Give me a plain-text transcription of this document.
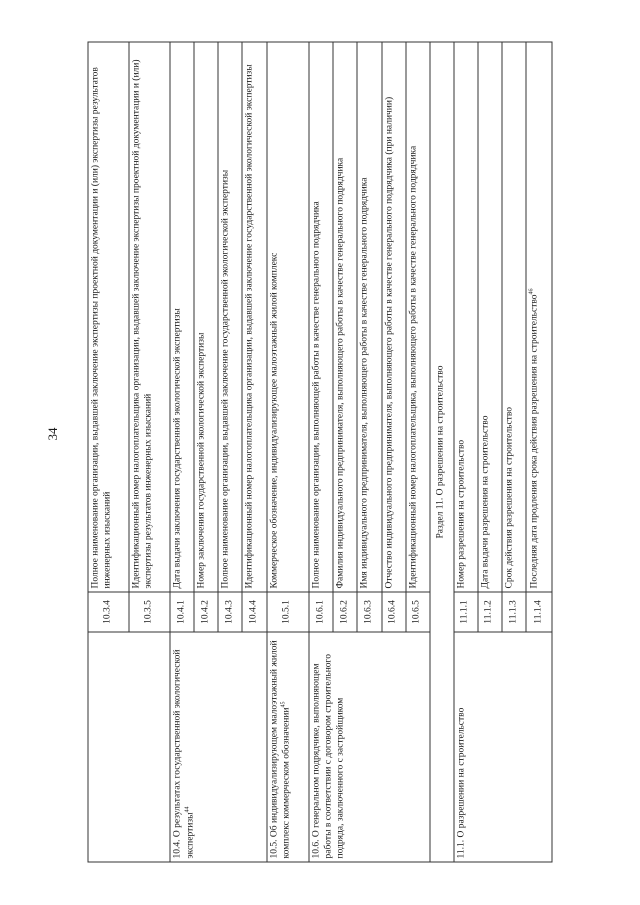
34
	10.3.4	Полное наименование организации, выдавшей заключение экспертизы проектной документации и (или) экспертизы результатов инженерных изысканий
	10.3.5	Идентификационный номер налогоплательщика организации, выдавшей заключение экспертизы проектной документации и (или) экспертизы результатов инженерных изысканий
10.4. О результатах государственной экологической экспертизы$^{44}$	10.4.1	Дата выдачи заключения государственной экологической экспертизы
	10.4.2	Номер заключения государственной экологической экспертизы
	10.4.3	Полное наименование организации, выдавшей заключение государственной экологической экспертизы
	10.4.4	Идентификационный номер налогоплательщика организации, выдавшей заключение государственной экологической экспертизы
10.5. Об индивидуализирующем малоэтажный жилой комплекс коммерческом обозначении$^{45}$	10.5.1	Коммерческое обозначение, индивидуализирующее малоэтажный жилой комплекс
10.6. О генеральном подрядчике, выполняющем работы в соответствии с договором строительного подряда, заключенного с застройщиком	10.6.1	Полное наименование организации, выполняющей работы в качестве генерального подрядчика
	10.6.2	Фамилия индивидуального предпринимателя, выполняющего работы в качестве генерального подрядчика
	10.6.3	Имя индивидуального предпринимателя, выполняющего работы в качестве генерального подрядчика
	10.6.4	Отчество индивидуального предпринимателя, выполняющего работы в качестве генерального подрядчика (при наличии)
	10.6.5	Идентификационный номер налогоплательщика, выполняющего работы в качестве генерального подрядчика
Раздел 11. О разрешении на строительство		
11.1. О разрешении на строительство	11.1.1	Номер разрешения на строительство
	11.1.2	Дата выдачи разрешения на строительство
	11.1.3	Срок действия разрешения на строительство
	11.1.4	Последняя дата продления срока действия разрешения на строительство$^{46}$
